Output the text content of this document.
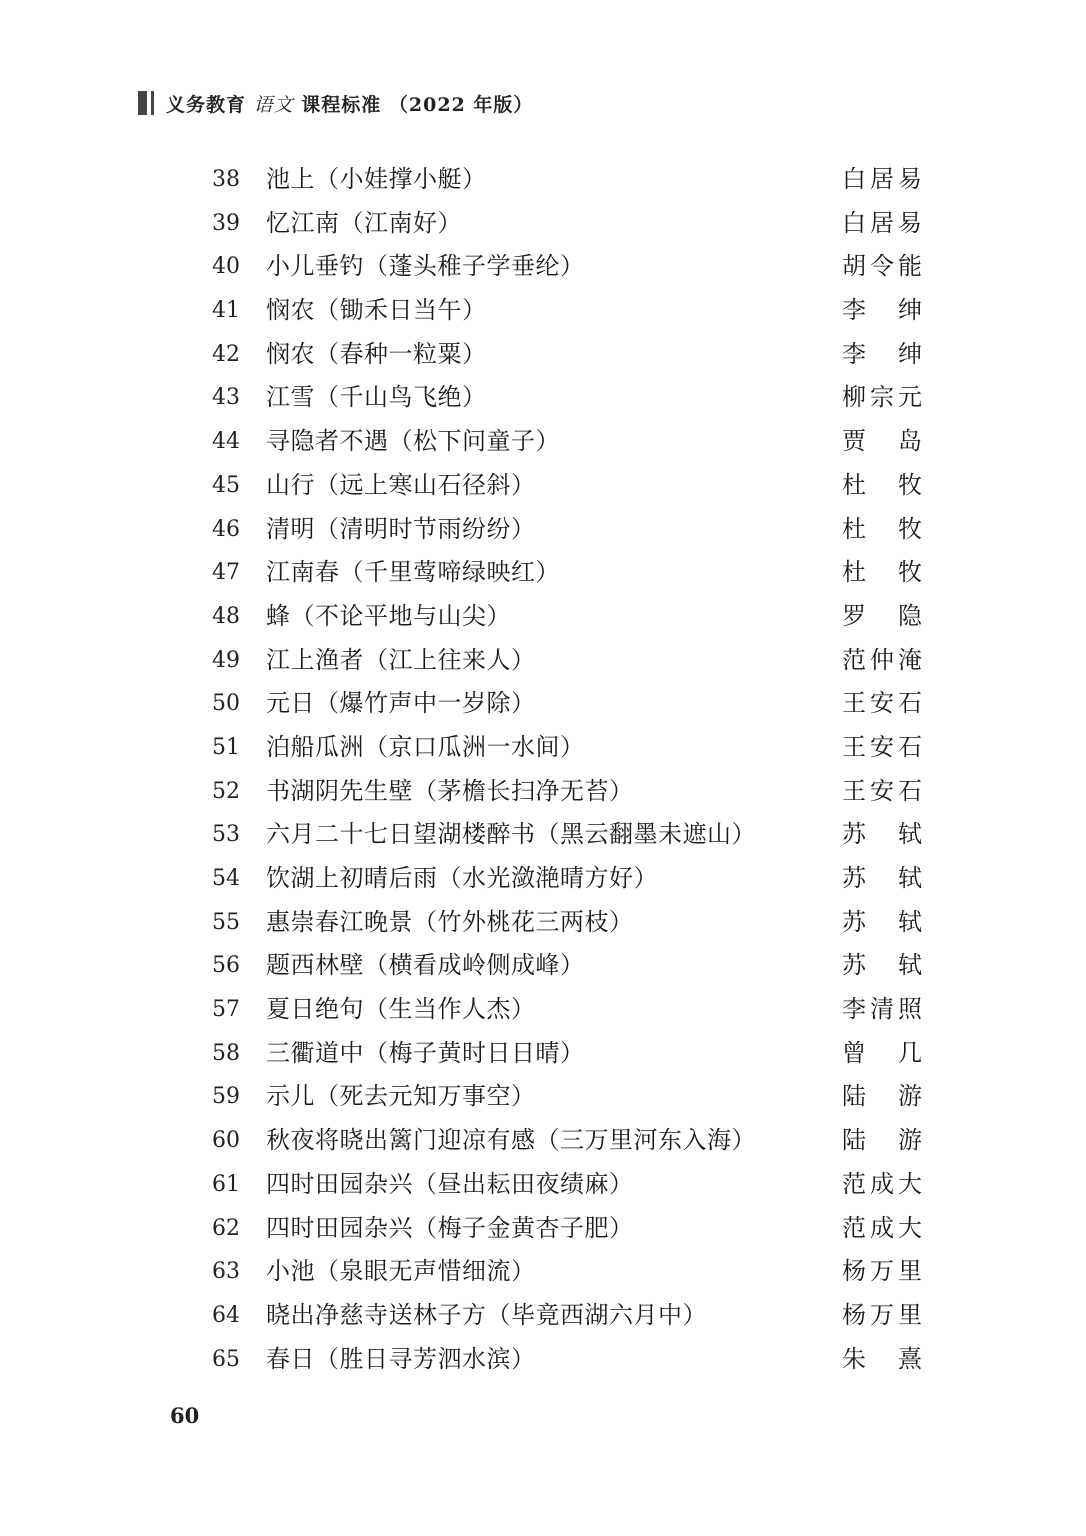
义务教育 语文 课程标准 （2022 年版）
38	池上（小娃撑小艇）	白居易
39	忆江南（江南好）	白居易
40	小儿垂钓（蓬头稚子学垂纶）	胡令能
41	悯农（锄禾日当午）	李 绅
42	悯农（春种一粒粟）	李 绅
43	江雪（千山鸟飞绝）	柳宗元
44	寻隐者不遇（松下问童子）	贾 岛
45	山行（远上寒山石径斜）	杜 牧
46	清明（清明时节雨纷纷）	杜 牧
47	江南春（千里莺啼绿映红）	杜 牧
48	蜂（不论平地与山尖）	罗 隐
49	江上渔者（江上往来人）	范仲淹
50	元日（爆竹声中一岁除）	王安石
51	泊船瓜洲（京口瓜洲一水间）	王安石
52	书湖阴先生壁（茅檐长扫净无苔）	王安石
53	六月二十七日望湖楼醉书（黑云翻墨未遮山）	苏 轼
54	饮湖上初晴后雨（水光潋滟晴方好）	苏 轼
55	惠崇春江晚景（竹外桃花三两枝）	苏 轼
56	题西林壁（横看成岭侧成峰）	苏 轼
57	夏日绝句（生当作人杰）	李清照
58	三衢道中（梅子黄时日日晴）	曾 几
59	示儿（死去元知万事空）	陆 游
60	秋夜将晓出篱门迎凉有感（三万里河东入海）	陆 游
61	四时田园杂兴（昼出耘田夜绩麻）	范成大
62	四时田园杂兴（梅子金黄杏子肥）	范成大
63	小池（泉眼无声惜细流）	杨万里
64	晓出净慈寺送林子方（毕竟西湖六月中）	杨万里
65	春日（胜日寻芳泗水滨）	朱 熹
60
